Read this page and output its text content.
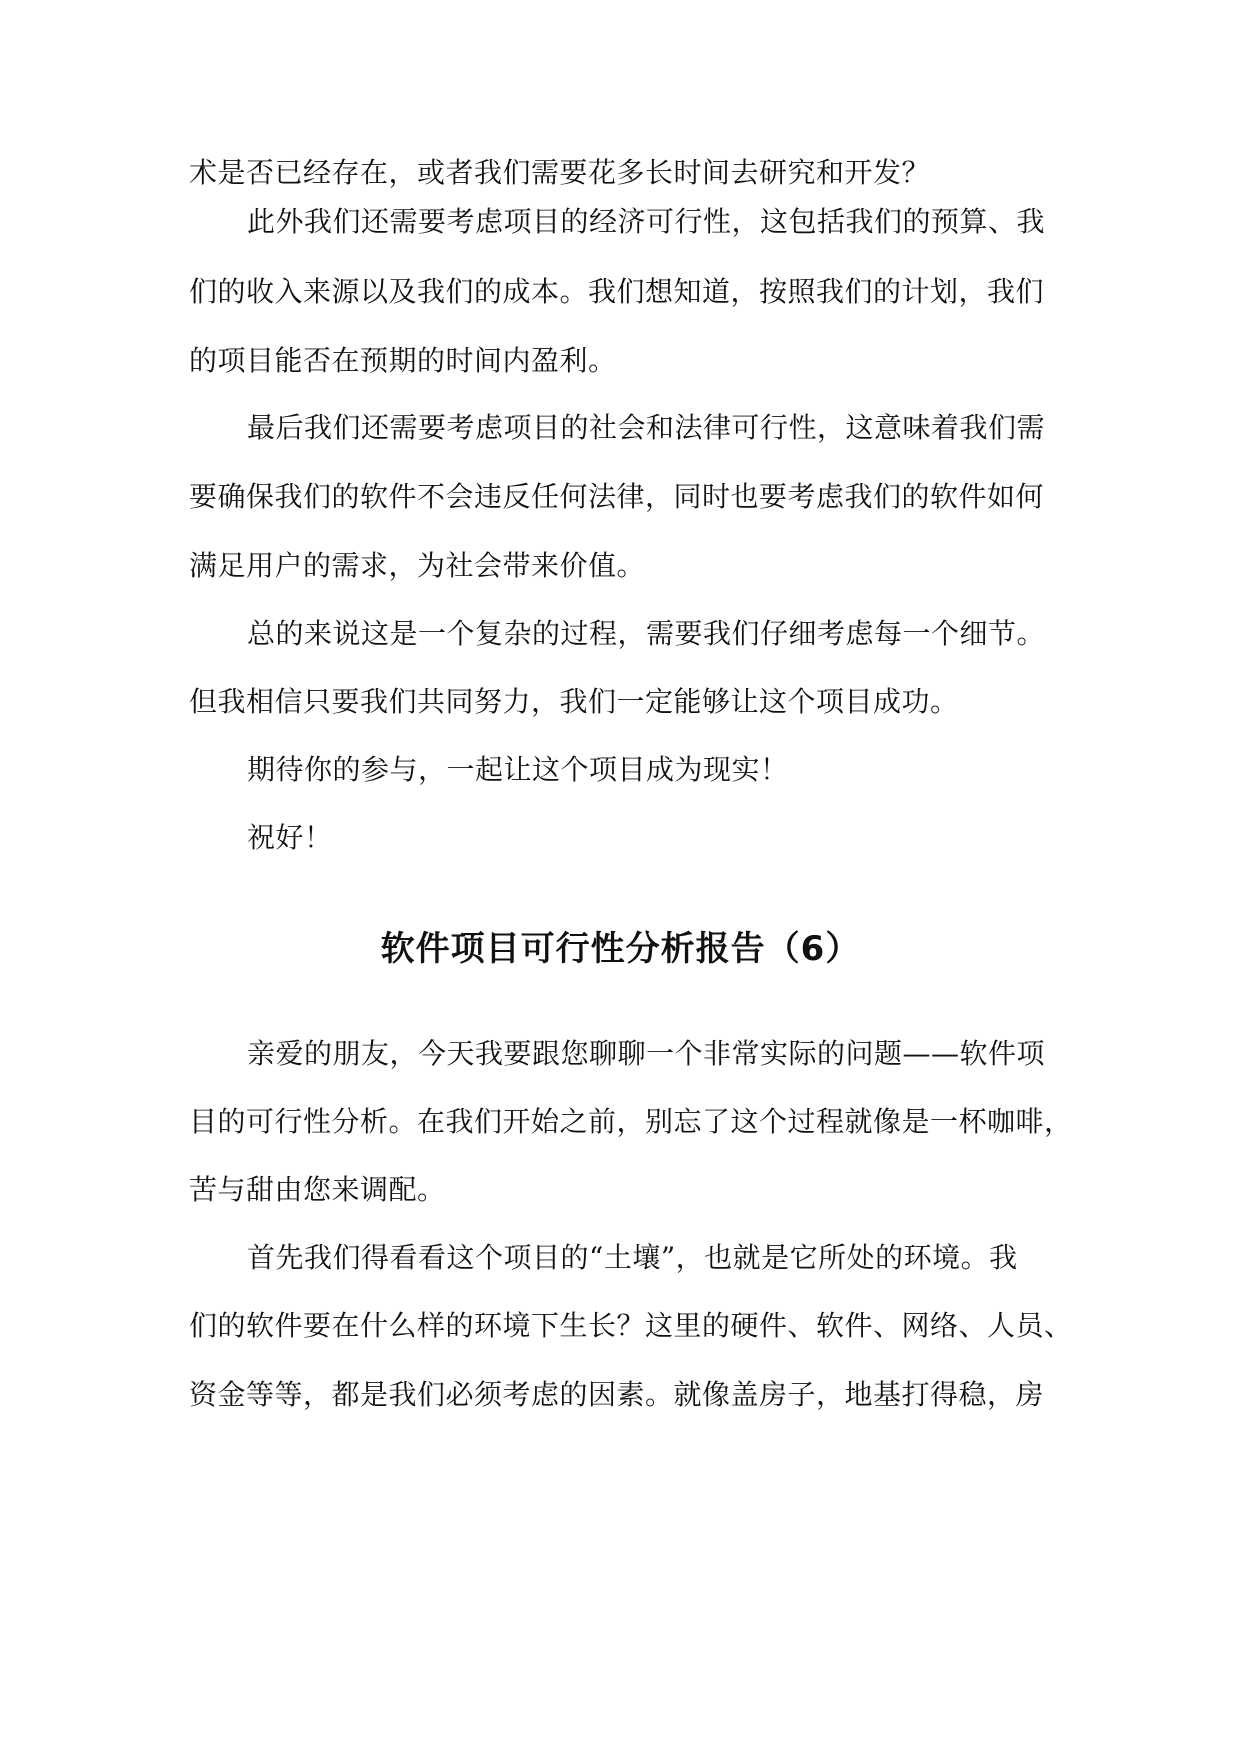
术是否已经存在，或者我们需要花多长时间去研究和开发？
此外我们还需要考虑项目的经济可行性，这包括我们的预算、我
们的收入来源以及我们的成本。我们想知道，按照我们的计划，我们
的项目能否在预期的时间内盈利。
最后我们还需要考虑项目的社会和法律可行性，这意味着我们需
要确保我们的软件不会违反任何法律，同时也要考虑我们的软件如何
满足用户的需求，为社会带来价值。
总的来说这是一个复杂的过程，需要我们仔细考虑每一个细节。
但我相信只要我们共同努力，我们一定能够让这个项目成功。
期待你的参与，一起让这个项目成为现实！
祝好！
软件项目可行性分析报告（6）
亲爱的朋友，今天我要跟您聊聊一个非常实际的问题——软件项
目的可行性分析。在我们开始之前，别忘了这个过程就像是一杯咖啡，
苦与甜由您来调配。
首先我们得看看这个项目的“土壤”，也就是它所处的环境。我
们的软件要在什么样的环境下生长？这里的硬件、软件、网络、人员、
资金等等，都是我们必须考虑的因素。就像盖房子，地基打得稳，房
